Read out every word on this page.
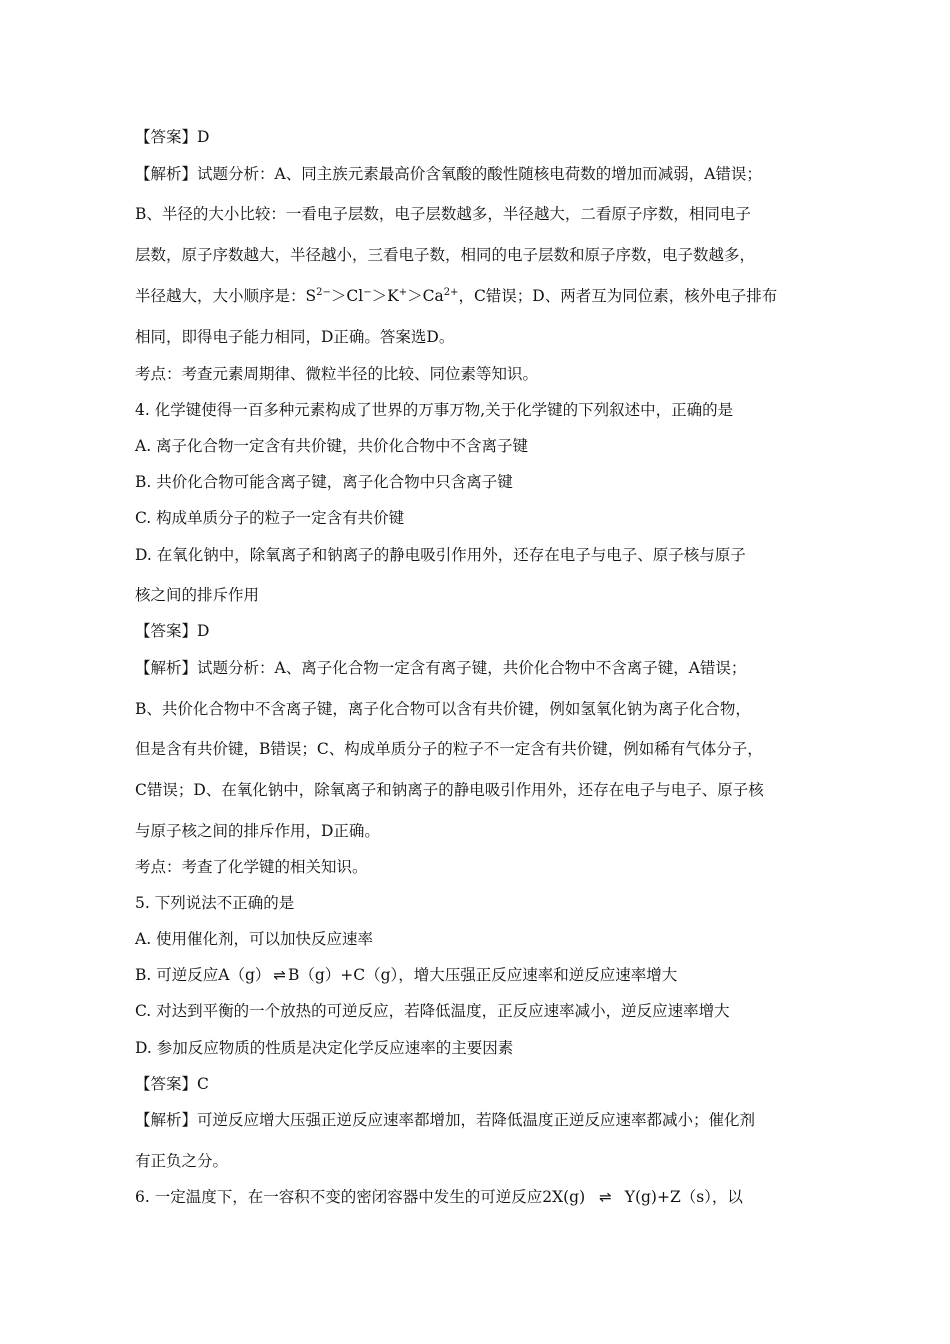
【答案】D
【解析】试题分析：A、同主族元素最高价含氧酸的酸性随核电荷数的增加而减弱，A错误；
B、半径的大小比较：一看电子层数，电子层数越多，半径越大，二看原子序数，相同电子
层数，原子序数越大，半径越小，三看电子数，相同的电子层数和原子序数，电子数越多，
半径越大，大小顺序是：$S^{2-}>Cl^->K^+>Ca^{2+}$，C错误；D、两者互为同位素，核外电子排布
相同，即得电子能力相同，D正确。答案选D。
考点：考查元素周期律、微粒半径的比较、同位素等知识。
4. 化学键使得一百多种元素构成了世界的万事万物,关于化学键的下列叙述中，正确的是
A. 离子化合物一定含有共价键，共价化合物中不含离子键
B. 共价化合物可能含离子键，离子化合物中只含离子键
C. 构成单质分子的粒子一定含有共价键
D. 在氧化钠中，除氧离子和钠离子的静电吸引作用外，还存在电子与电子、原子核与原子
核之间的排斥作用
【答案】D
【解析】试题分析：A、离子化合物一定含有离子键，共价化合物中不含离子键，A错误；
B、共价化合物中不含离子键，离子化合物可以含有共价键，例如氢氧化钠为离子化合物，
但是含有共价键，B错误；C、构成单质分子的粒子不一定含有共价键，例如稀有气体分子，
C错误；D、在氧化钠中，除氧离子和钠离子的静电吸引作用外，还存在电子与电子、原子核
与原子核之间的排斥作用，D正确。
考点：考查了化学键的相关知识。
5. 下列说法不正确的是
A. 使用催化剂，可以加快反应速率
B. 可逆反应A（g） ⇌ B（g）+C（g），增大压强正反应速率和逆反应速率增大
C. 对达到平衡的一个放热的可逆反应，若降低温度，正反应速率减小，逆反应速率增大
D. 参加反应物质的性质是决定化学反应速率的主要因素
【答案】C
【解析】可逆反应增大压强正逆反应速率都增加，若降低温度正逆反应速率都减小；催化剂
有正负之分。
6. 一定温度下，在一容积不变的密闭容器中发生的可逆反应2X(g) ⇌ Y(g)+Z（s），以
